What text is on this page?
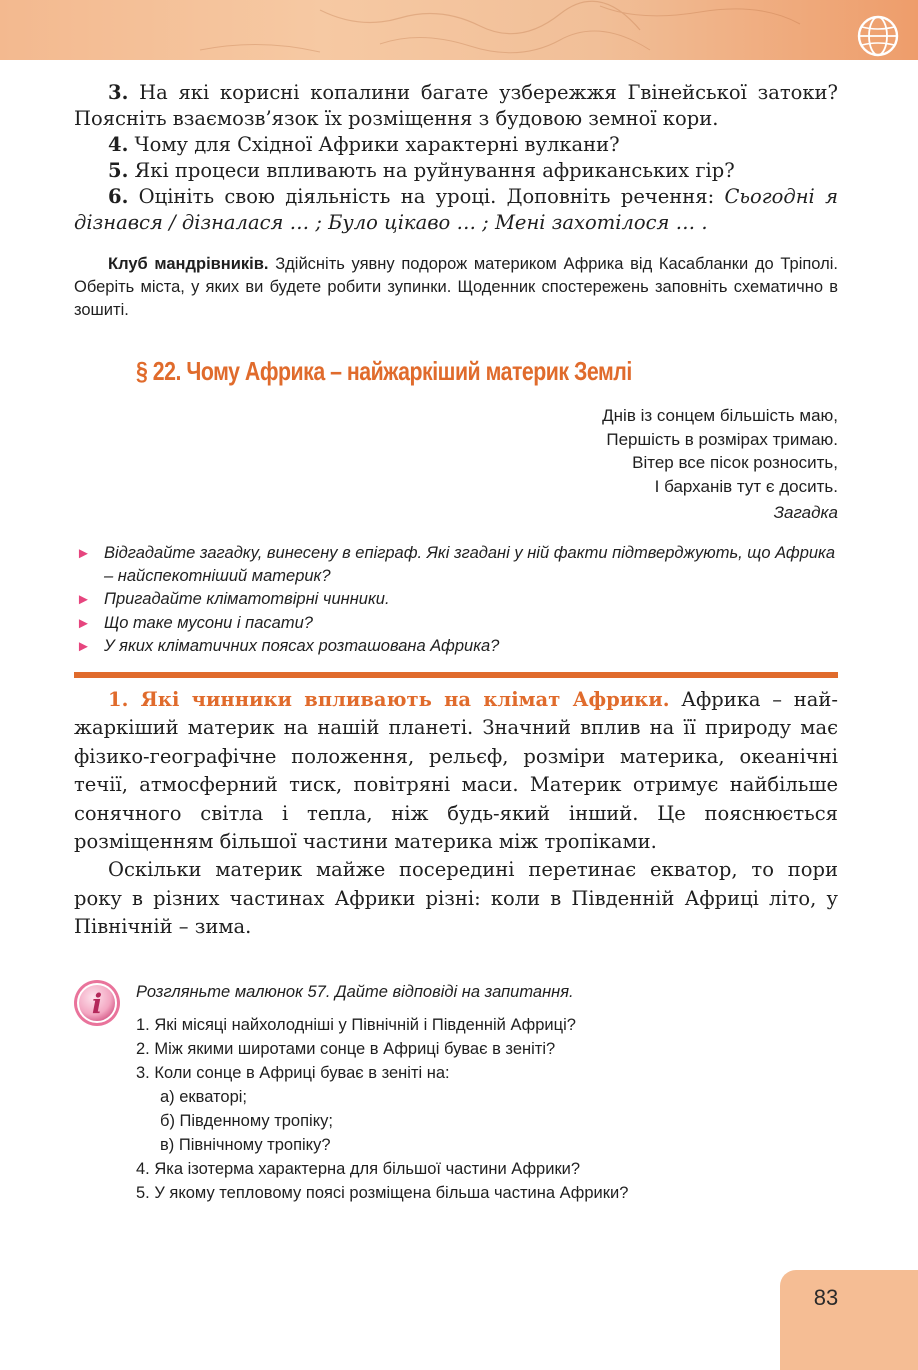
3. На які корисні копалини багате узбережжя Гвінейської затоки? Поясніть взаємозв’язок їх розміщення з будовою земної кори.

4. Чому для Східної Африки характерні вулкани?

5. Які процеси впливають на руйнування африканських гір?

6. Оцініть свою діяльність на уроці. Доповніть речення: Сьогодні я дізнався / дізналася … ; Було цікаво … ; Мені захотілося … .

Клуб мандрівників. Здійсніть уявну подорож материком Африка від Касабланки до Тріполі. Оберіть міста, у яких ви будете робити зупинки. Щоденник спостережень заповніть схематично в зошиті.
§ 22. Чому Африка – найжаркіший материк Землі
Днів із сонцем більшість маю,
Першість в розмірах тримаю.
Вітер все пісок розносить,
І барханів тут є досить.
Загадка
► Відгадайте загадку, винесену в епіграф. Які згадані у ній факти підтверджують, що Африка – найспекотніший материк?
► Пригадайте кліматотвірні чинники.
► Що таке мусони і пасати?
► У яких кліматичних поясах розташована Африка?

1. Які чинники впливають на клімат Африки. Африка – найжаркіший материк на нашій планеті. Значний вплив на її природу має фізико-географічне положення, рельєф, розміри материка, океанічні течії, атмосферний тиск, повітряні маси. Материк отримує найбільше сонячного світла і тепла, ніж будь-який інший. Це пояснюється розміщенням більшої частини материка між тропіками.

Оскільки материк майже посередині перетинає екватор, то пори року в різних частинах Африки різні: коли в Південній Африці літо, у Північній – зима.

i Розгляньте малюнок 57. Дайте відповіді на запитання.
1. Які місяці найхолодніші у Північній і Південній Африці?
2. Між якими широтами сонце в Африці буває в зеніті?
3. Коли сонце в Африці буває в зеніті на:
а) екваторі;
б) Південному тропіку;
в) Північному тропіку?
4. Яка ізотерма характерна для більшої частини Африки?
5. У якому тепловому поясі розміщена більша частина Африки?
83
